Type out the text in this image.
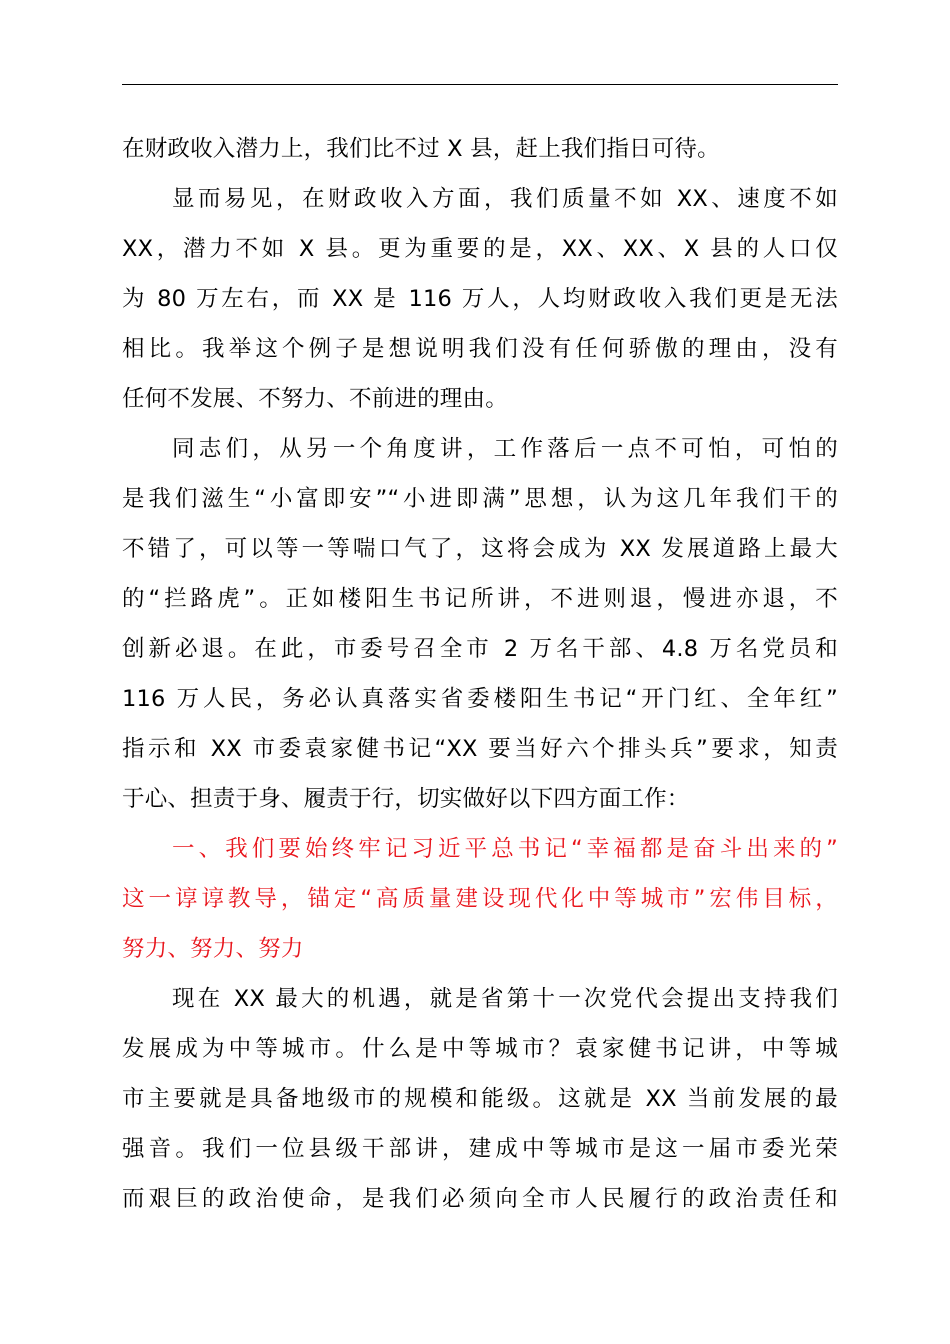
在财政收入潜力上，我们比不过 X 县，赶上我们指日可待。
显而易见，在财政收入方面，我们质量不如 XX、速度不如
XX，潜力不如 X 县。更为重要的是，XX、XX、X 县的人口仅
为 80 万左右，而 XX 是 116 万人，人均财政收入我们更是无法
相比。我举这个例子是想说明我们没有任何骄傲的理由，没有
任何不发展、不努力、不前进的理由。
同志们，从另一个角度讲，工作落后一点不可怕，可怕的
是我们滋生“小富即安”“小进即满”思想，认为这几年我们干的
不错了，可以等一等喘口气了，这将会成为 XX 发展道路上最大
的“拦路虎”。正如楼阳生书记所讲，不进则退，慢进亦退，不
创新必退。在此，市委号召全市 2 万名干部、4.8 万名党员和
116 万人民，务必认真落实省委楼阳生书记“开门红、全年红”
指示和 XX 市委袁家健书记“XX 要当好六个排头兵”要求，知责
于心、担责于身、履责于行，切实做好以下四方面工作：
一、我们要始终牢记习近平总书记“幸福都是奋斗出来的”
这一谆谆教导，锚定“高质量建设现代化中等城市”宏伟目标，
努力、努力、努力
现在 XX 最大的机遇，就是省第十一次党代会提出支持我们
发展成为中等城市。什么是中等城市？袁家健书记讲，中等城
市主要就是具备地级市的规模和能级。这就是 XX 当前发展的最
强音。我们一位县级干部讲，建成中等城市是这一届市委光荣
而艰巨的政治使命，是我们必须向全市人民履行的政治责任和
